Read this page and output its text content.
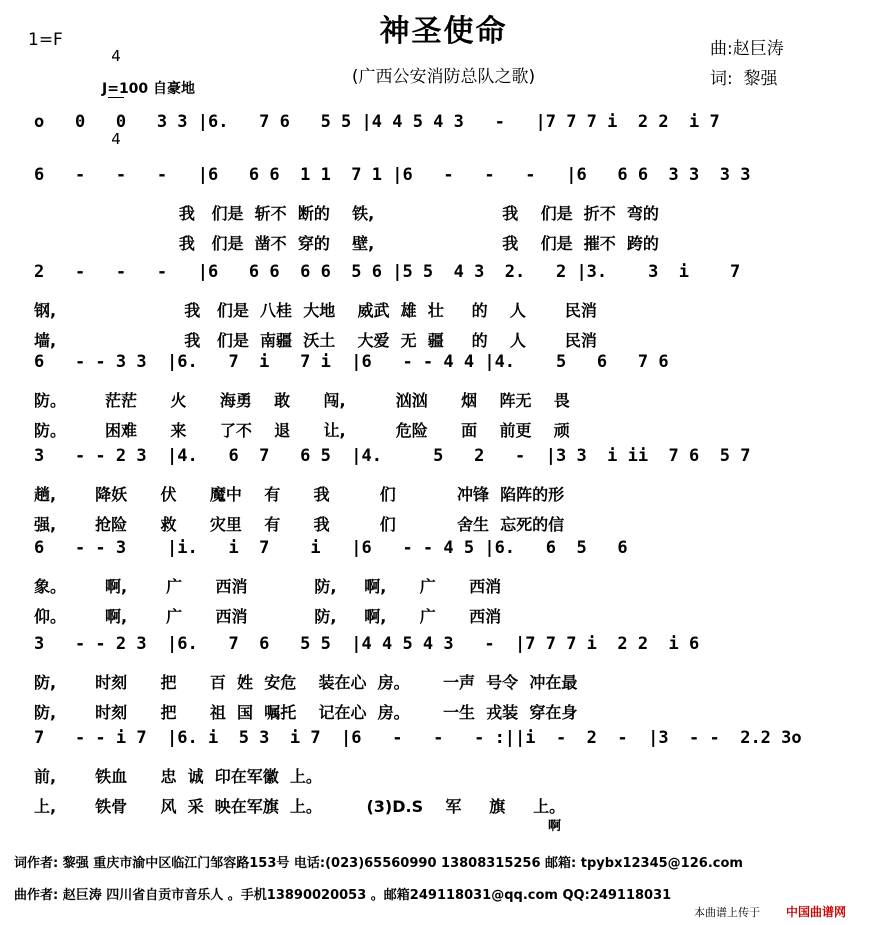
1=F

4

4

神圣使命
(广西公安消防总队之歌)
曲:赵巨涛
词:  黎强
J=100 自豪地
o   0   0   3 3 |6.   7 6   5 5 |4 4 5 4 3   -   |7 7 7 i  2 2  i 7
6   -   -   -   |6   6 6  1 1  7 1 |6   -   -   -   |6   6 6  3 3  3 3
我   们是  斩不  断的    铁,                       我    们是  折不  弯的
我   们是  凿不  穿的    壁,                       我    们是  摧不  跨的
2   -   -   -   |6   6 6  6 6  5 6 |5 5  4 3  2.   2 |3.    3  i    7
钢,                       我   们是  八桂  大地    威武  雄  壮     的    人       民消
墙,                       我   们是  南疆  沃土    大爱  无  疆     的    人       民消
6   - - 3 3  |6.   7  i   7 i  |6   - - 4 4 |4.    5   6   7 6
防。       茫茫      火      海勇    敢      闯,         汹汹      烟    阵无    畏
防。       困难      来      了不    退      让,         危险      面    前更    顽
3   - - 2 3  |4.   6  7   6 5  |4.     5   2   -  |3 3  i ii  7 6  5 7
趟,       降妖      伏      魔中    有      我         们           冲锋  陷阵的形
强,       抢险      救      灾里    有      我         们           舍生  忘死的信
6   - - 3    |i.   i  7    i   |6   - - 4 5 |6.   6  5   6
象。       啊,       广      西消            防,     啊,      广      西消
仰。       啊,       广      西消            防,     啊,      广      西消
3   - - 2 3  |6.   7  6   5 5  |4 4 5 4 3   -  |7 7 7 i  2 2  i 6
防,       时刻      把      百  姓  安危    装在心  房。      一声  号令  冲在最
防,       时刻      把      祖  国  嘱托    记在心  房。      一生  戎装  穿在身
7   - - i 7  |6. i  5 3  i 7  |6   -   -   - :||i  -  2  -  |3  - -  2.2 3o
前,       铁血      忠  诚  印在军徽  上。
上,       铁骨      风  采  映在军旗  上。        (3)D.S    军     旗     上。
啊
词作者: 黎强 重庆市渝中区临江门邹容路153号 电话:(023)65560990 13808315256 邮箱: tpybx12345@126.com
曲作者: 赵巨涛 四川省自贡市音乐人 。手机13890020053 。邮箱249118031@qq.com QQ:249118031
本曲谱上传于 中国曲谱网
